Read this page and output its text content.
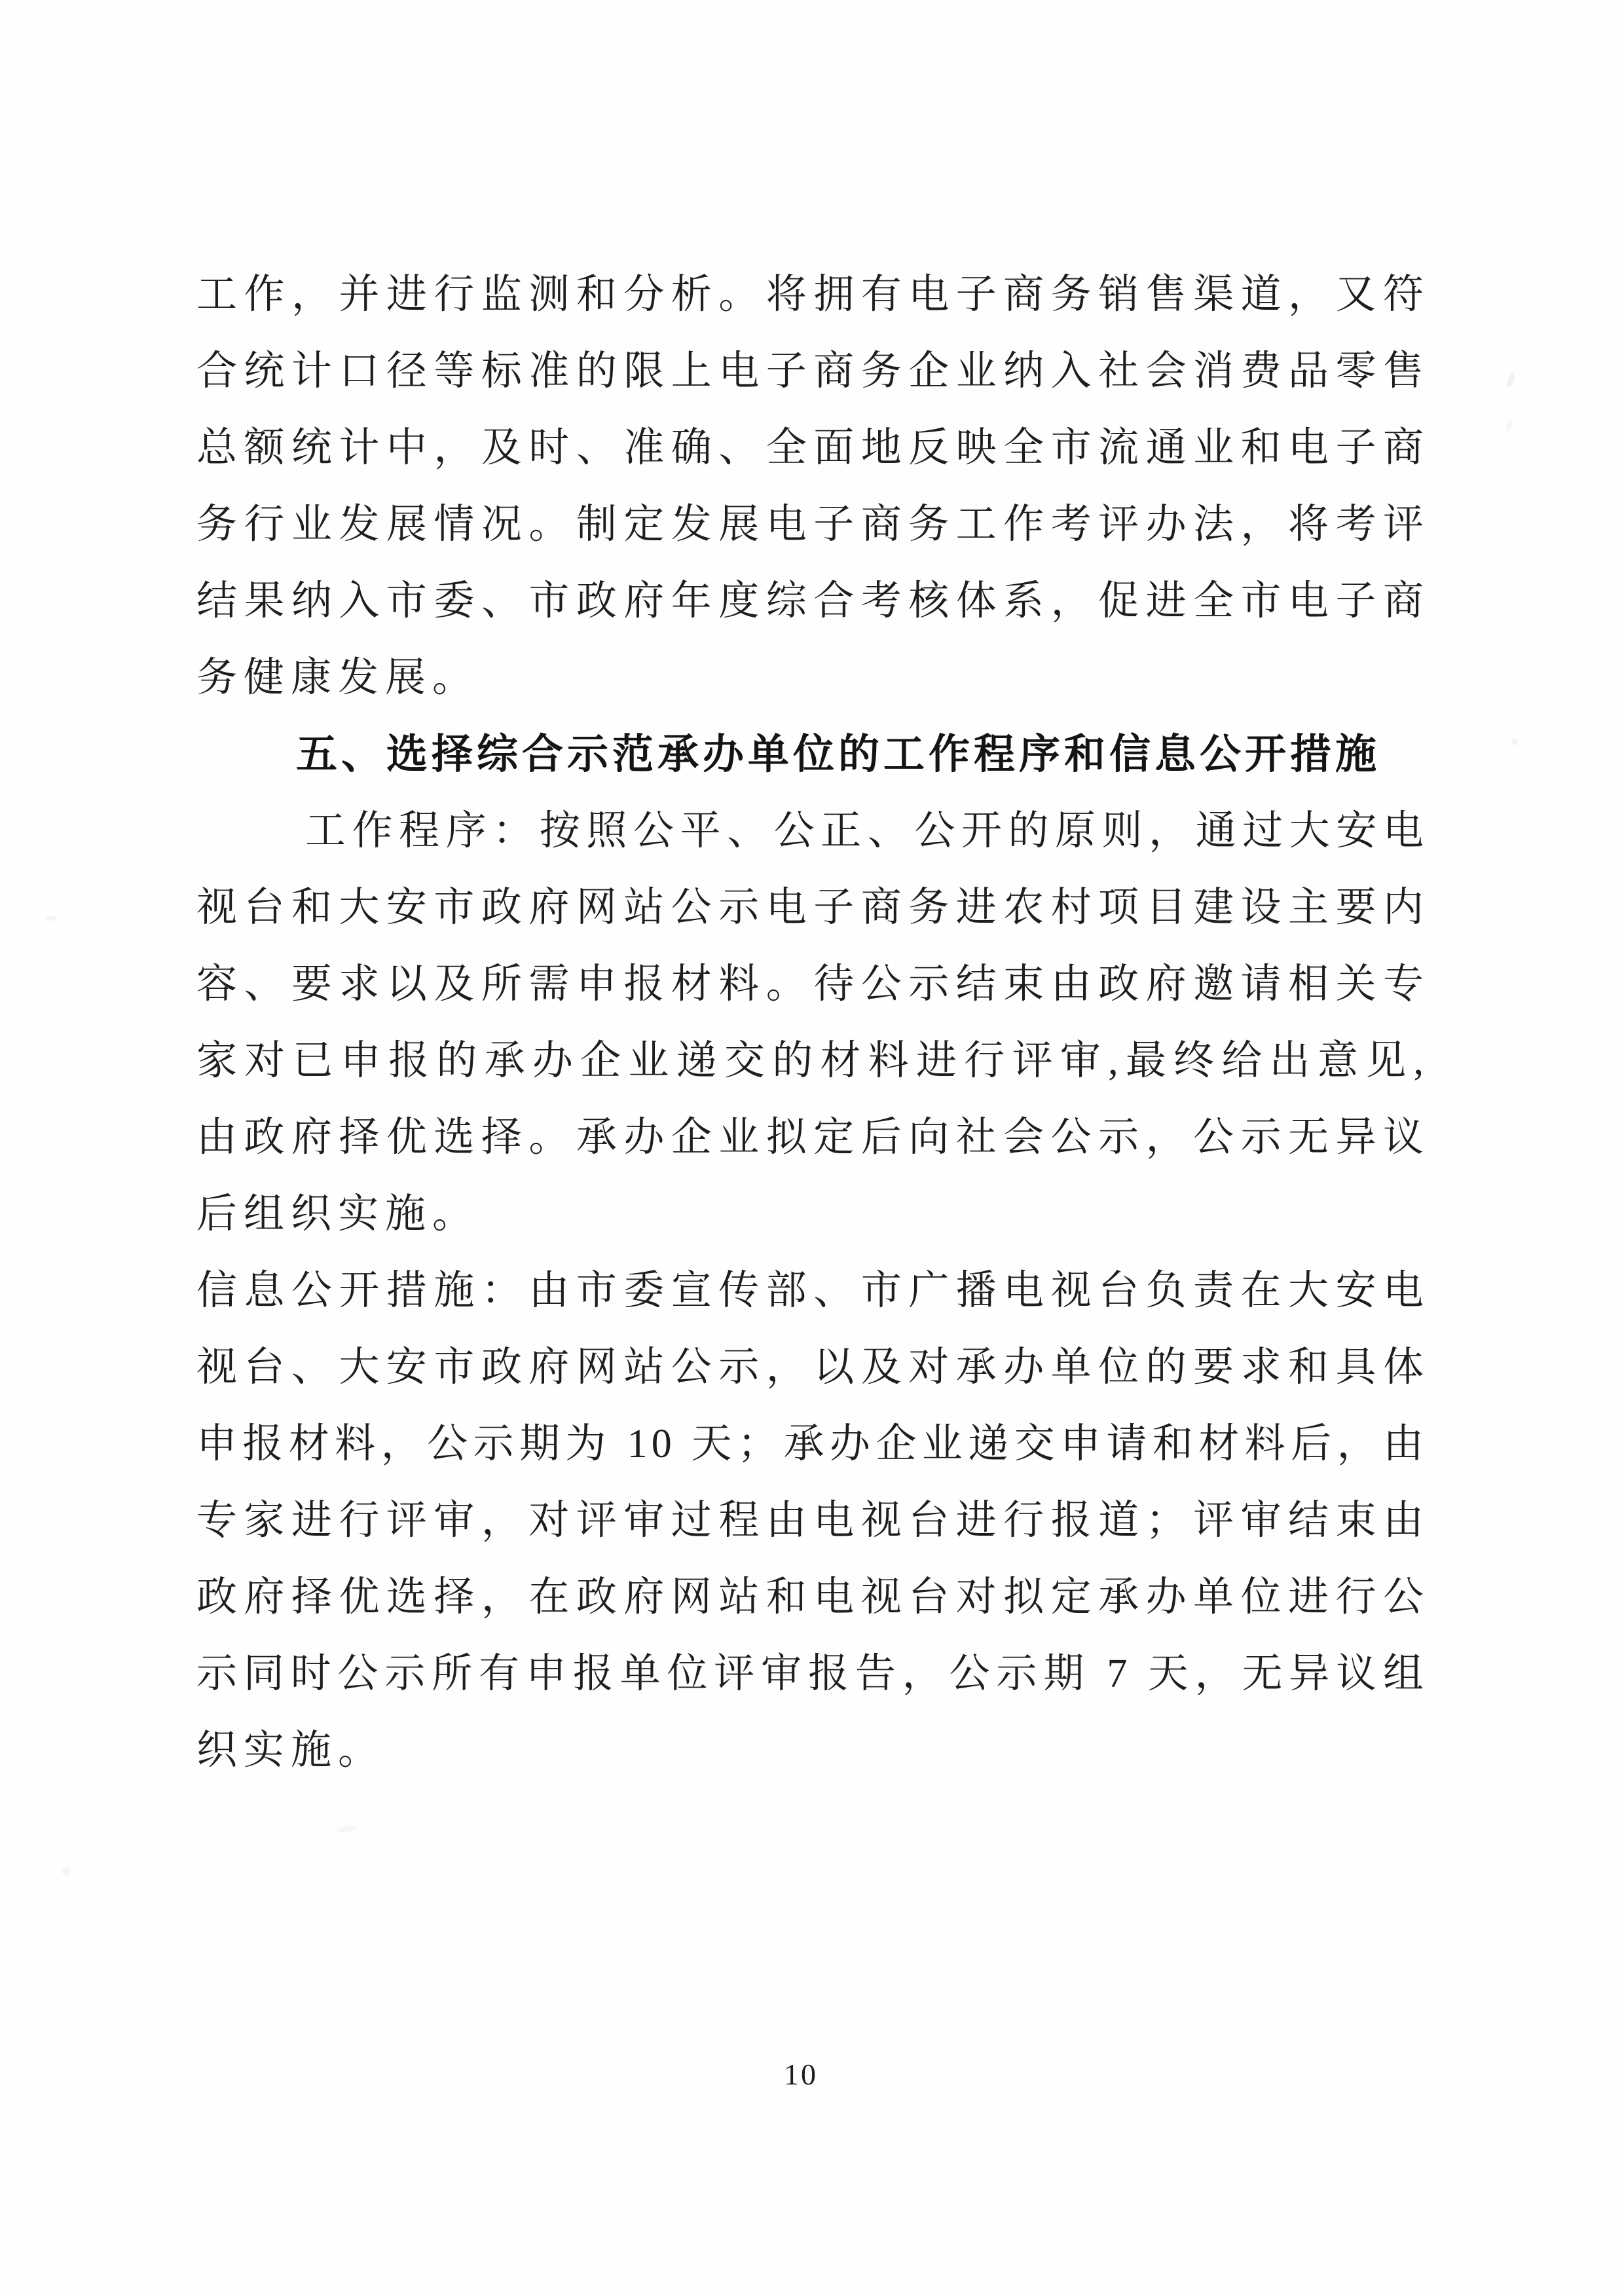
工作，并进行监测和分析。将拥有电子商务销售渠道，又符
合统计口径等标准的限上电子商务企业纳入社会消费品零售
总额统计中，及时、准确、全面地反映全市流通业和电子商
务行业发展情况。制定发展电子商务工作考评办法，将考评
结果纳入市委、市政府年度综合考核体系，促进全市电子商
务健康发展。
五、选择综合示范承办单位的工作程序和信息公开措施
工作程序：按照公平、公正、公开的原则，通过大安电
视台和大安市政府网站公示电子商务进农村项目建设主要内
容、要求以及所需申报材料。待公示结束由政府邀请相关专
家对已申报的承办企业递交的材料进行评审,最终给出意见,
由政府择优选择。承办企业拟定后向社会公示，公示无异议
后组织实施。
信息公开措施：由市委宣传部、市广播电视台负责在大安电
视台、大安市政府网站公示，以及对承办单位的要求和具体
申报材料，公示期为 10 天；承办企业递交申请和材料后，由
专家进行评审，对评审过程由电视台进行报道；评审结束由
政府择优选择，在政府网站和电视台对拟定承办单位进行公
示同时公示所有申报单位评审报告，公示期 7 天，无异议组
织实施。
10
